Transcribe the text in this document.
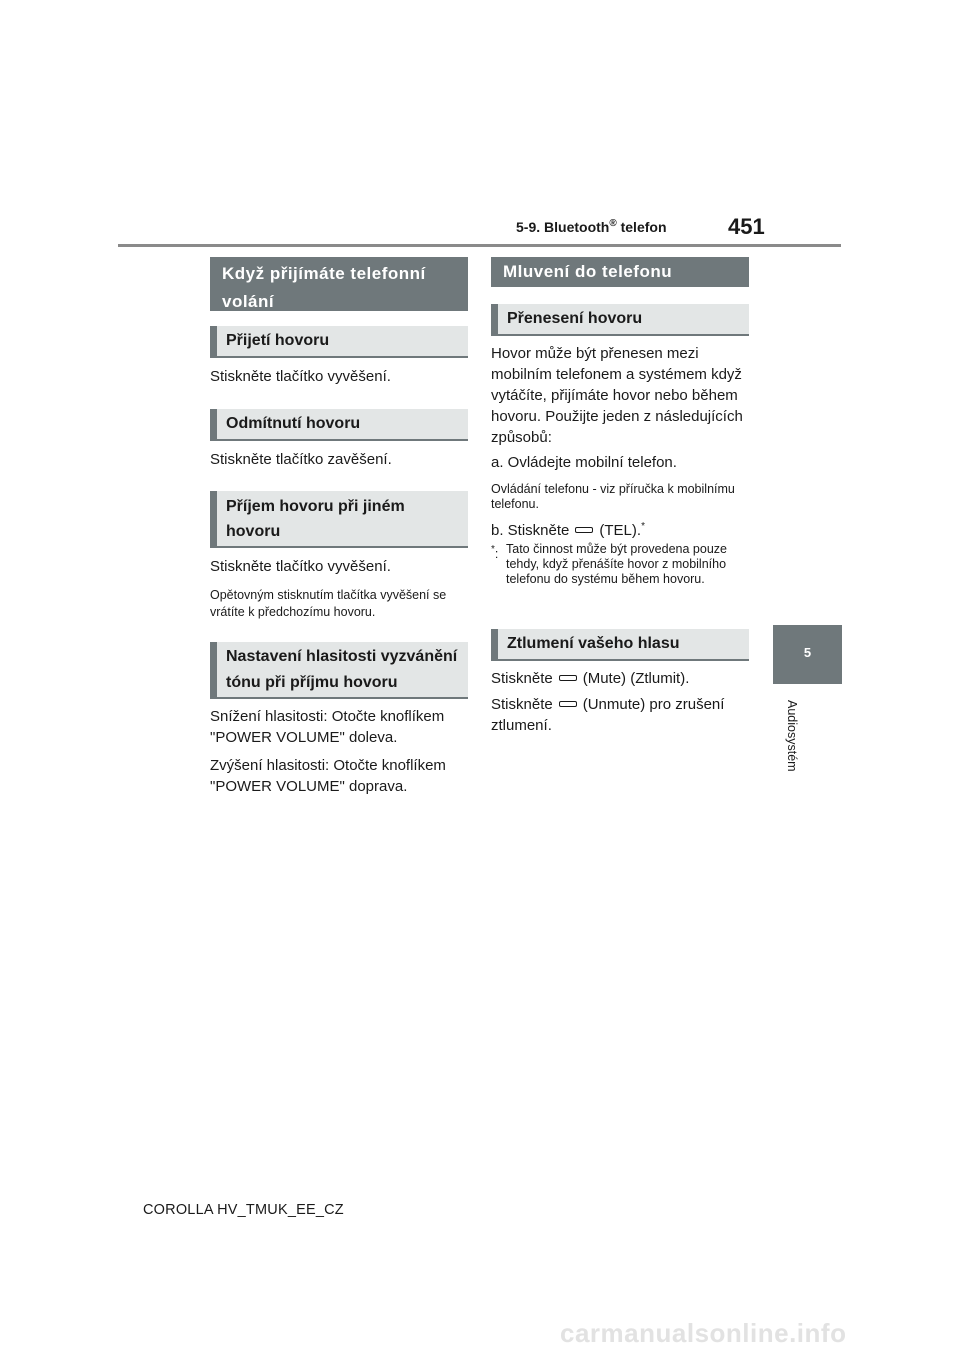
5-9. Bluetooth® telefon	451
Když přijímáte telefonní volání
Přijetí hovoru
Stiskněte tlačítko vyvěšení.
Odmítnutí hovoru
Stiskněte tlačítko zavěšení.
Příjem hovoru při jiném hovoru
Stiskněte tlačítko vyvěšení.
Opětovným stisknutím tlačítka vyvěšení se vrátíte k předchozímu hovoru.
Nastavení hlasitosti vyzvánění tónu při příjmu hovoru
Snížení hlasitosti: Otočte knoflíkem "POWER VOLUME" doleva.
Zvýšení hlasitosti: Otočte knoflíkem "POWER VOLUME" doprava.
Mluvení do telefonu
Přenesení hovoru
Hovor může být přenesen mezi mobilním telefonem a systémem když vytáčíte, přijímáte hovor nebo během hovoru. Použijte jeden z následujících způsobů:
a. Ovládejte mobilní telefon.
Ovládání telefonu - viz příručka k mobilnímu telefonu.
b. Stiskněte (TEL).*
*: Tato činnost může být provedena pouze tehdy, když přenášíte hovor z mobilního telefonu do systému během hovoru.
Ztlumení vašeho hlasu
Stiskněte (Mute) (Ztlumit).
Stiskněte (Unmute) pro zrušení ztlumení.
5
Audiosystém
COROLLA HV_TMUK_EE_CZ
carmanualsonline.info
